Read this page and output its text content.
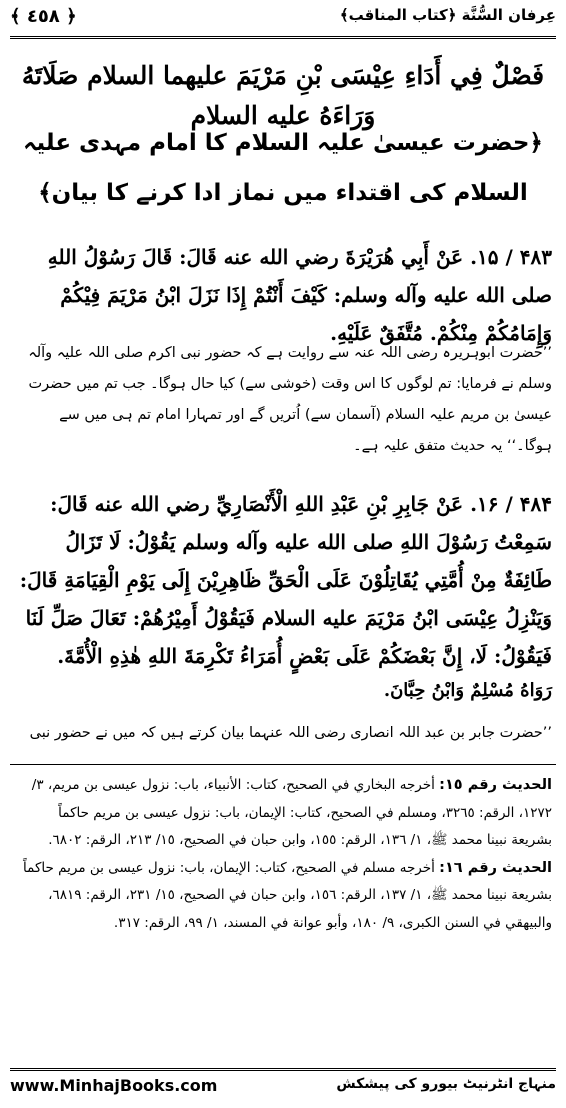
﴿ ٤٥٨ ﴾	عِرفان السُّنَّة ﴿كتاب المناقب﴾
فَصْلٌ فِي أَدَاءِ عِيْسَى بْنِ مَرْيَمَ عليهما السلام صَلَاتَهُ وَرَاءَهُ عليه السلام
﴿حضرت عیسیٰ علیہ السلام کا امام مہدی علیہ السلام کی اقتداء میں نماز ادا کرنے کا بیان﴾
۴۸۳ / ۱۵. عَنْ أَبِي هُرَيْرَةَ رضي الله عنه قَالَ: قَالَ رَسُوْلُ اللهِ صلى الله عليه وآله وسلم: كَيْفَ أَنْتُمْ إِذَا نَزَلَ ابْنُ مَرْيَمَ فِيْكُمْ وَإِمَامُكُمْ مِنْكُمْ. مُتَّفَقٌ عَلَيْهِ.
’’حضرت ابوہریرہ رضی اللہ عنہ سے روایت ہے کہ حضور نبی اکرم صلی اللہ علیہ وآلہ وسلم نے فرمایا: تم لوگوں کا اس وقت (خوشی سے) کیا حال ہوگا۔ جب تم میں حضرت عیسیٰ بن مریم علیہ السلام (آسمان سے) اُتریں گے اور تمہارا امام تم ہی میں سے ہوگا۔‘‘ یہ حدیث متفق علیہ ہے۔
۴۸۴ / ۱۶. عَنْ جَابِرِ بْنِ عَبْدِ اللهِ الْأَنْصَارِيِّ رضي الله عنه قَالَ: سَمِعْتُ رَسُوْلَ اللهِ صلى الله عليه وآله وسلم يَقُوْلُ: لَا تَزَالُ طَائِفَةٌ مِنْ أُمَّتِي يُقَاتِلُوْنَ عَلَى الْحَقِّ ظَاهِرِيْنَ إِلَى يَوْمِ الْقِيَامَةِ قَالَ: وَيَنْزِلُ عِيْسَى ابْنُ مَرْيَمَ عليه السلام فَيَقُوْلُ أَمِيْرُهُمْ: تَعَالَ صَلِّ لَنَا فَيَقُوْلُ: لَا، إِنَّ بَعْضَكُمْ عَلَى بَعْضٍ أُمَرَاءُ تَكْرِمَةَ اللهِ هٰذِهِ الْأُمَّةَ.
رَوَاهُ مُسْلِمٌ وَابْنُ حِبَّانَ.
’’حضرت جابر بن عبد اللہ انصاری رضی اللہ عنہما بیان کرتے ہیں کہ میں نے حضور نبی
الحديث رقم ١٥: أخرجه البخاري في الصحيح، كتاب: الأنبياء، باب: نزول عيسى بن مريم، ٣/ ١٢٧٢، الرقم: ٣٢٦٥، ومسلم في الصحيح، كتاب: الإيمان، باب: نزول عيسى بن مريم حاكماً بشريعة نبينا محمد ﷺ، ١/ ١٣٦، الرقم: ١٥٥، وابن حبان في الصحيح، ١٥/ ٢١٣، الرقم: ٦٨٠٢.
الحديث رقم ١٦: أخرجه مسلم في الصحيح، كتاب: الإيمان، باب: نزول عيسى بن مريم حاكماً بشريعة نبينا محمد ﷺ، ١/ ١٣٧، الرقم: ١٥٦، وابن حبان في الصحيح، ١٥/ ٢٣١، الرقم: ٦٨١٩، والبيهقي في السنن الكبرى، ٩/ ١٨٠، وأبو عوانة في المسند، ١/ ٩٩، الرقم: ٣١٧.
www.MinhajBooks.com	منہاج انٹرنیٹ بیورو کی پیشکش
